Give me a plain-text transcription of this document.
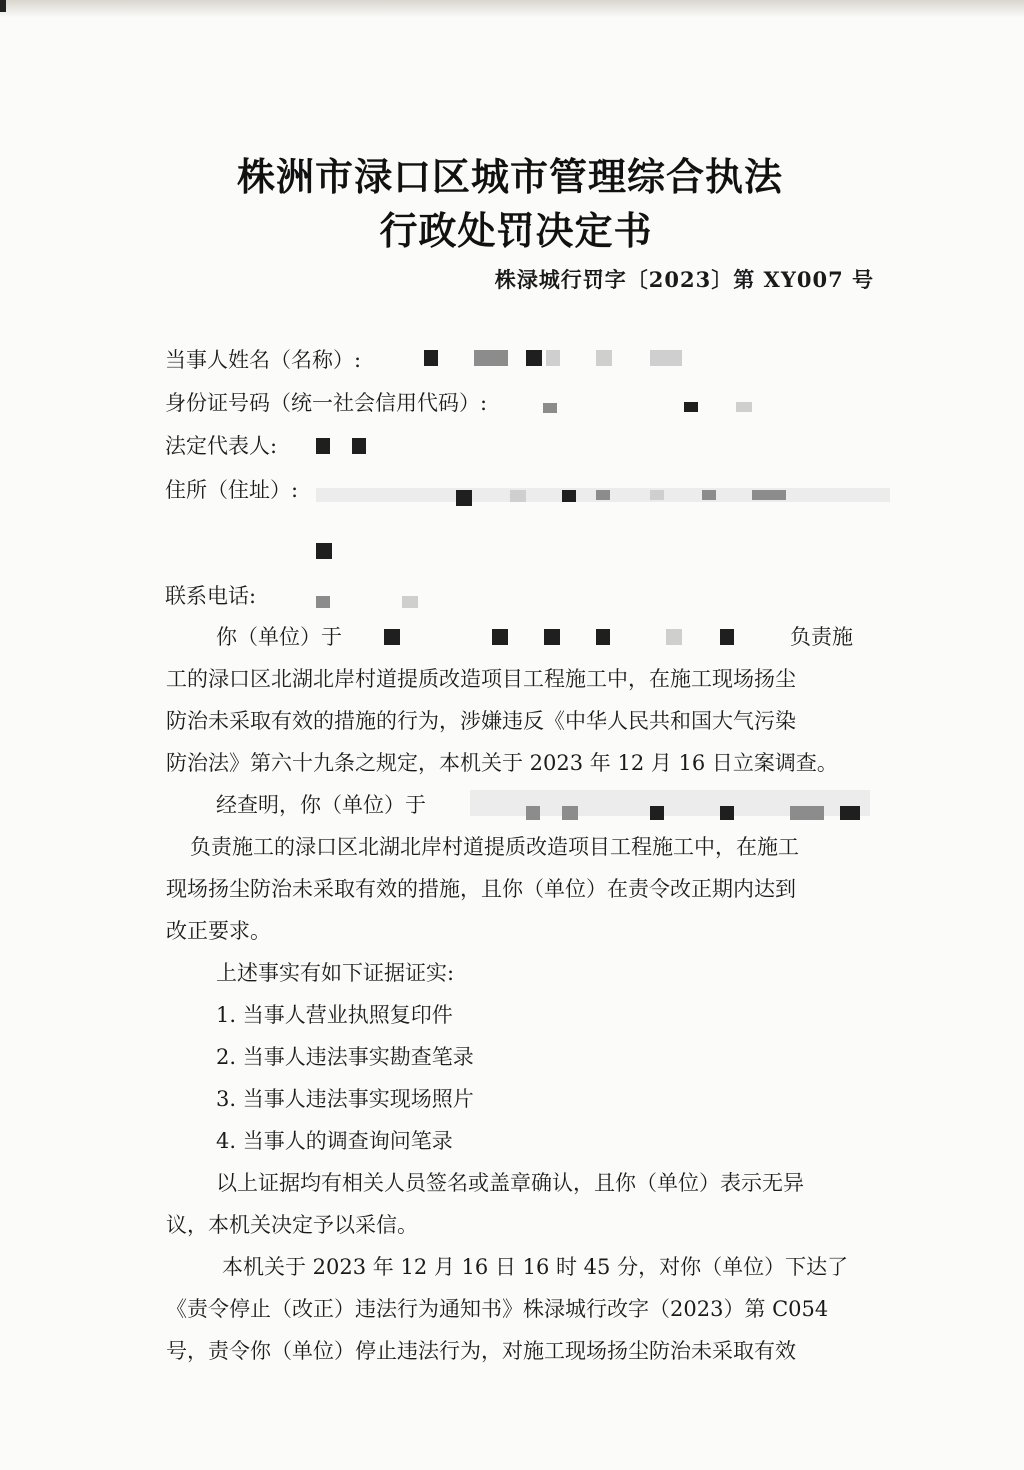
株洲市渌口区城市管理综合执法
行政处罚决定书
株渌城行罚字〔2023〕第 XY007 号
当事人姓名（名称）:
身份证号码（统一社会信用代码）:
法定代表人:
住所（住址）:
联系电话:
你（单位）于	负责施
工的渌口区北湖北岸村道提质改造项目工程施工中，在施工现场扬尘
防治未采取有效的措施的行为，涉嫌违反《中华人民共和国大气污染
防治法》第六十九条之规定，本机关于 2023 年 12 月 16 日立案调查。
经查明，你（单位）于
负责施工的渌口区北湖北岸村道提质改造项目工程施工中，在施工
现场扬尘防治未采取有效的措施，且你（单位）在责令改正期内达到
改正要求。
上述事实有如下证据证实:
1. 当事人营业执照复印件
2. 当事人违法事实勘查笔录
3. 当事人违法事实现场照片
4. 当事人的调查询问笔录
以上证据均有相关人员签名或盖章确认，且你（单位）表示无异
议，本机关决定予以采信。
本机关于 2023 年 12 月 16 日 16 时 45 分，对你（单位）下达了
《责令停止（改正）违法行为通知书》株渌城行改字（2023）第 C054
号，责令你（单位）停止违法行为，对施工现场扬尘防治未采取有效
